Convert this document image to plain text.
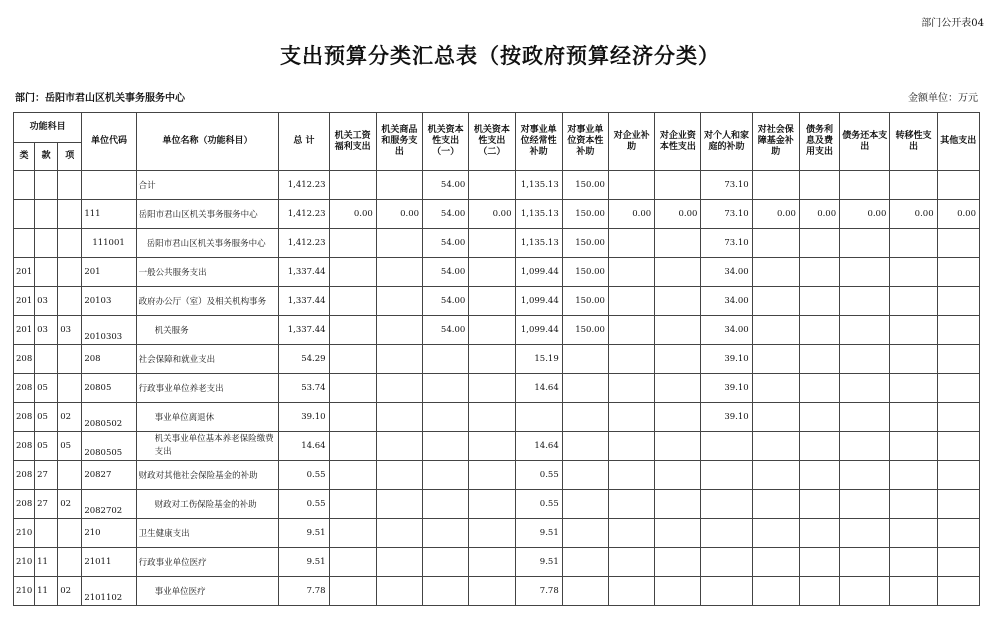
部门公开表04
支出预算分类汇总表（按政府预算经济分类）
部门：岳阳市君山区机关事务服务中心	金额单位：万元
功能科目			单位代码	单位名称（功能科目）	总 计	机关工资福利支出	机关商品和服务支出	机关资本性支出（一）	机关资本性支出（二）	对事业单位经常性补助	对事业单位资本性补助	对企业补助	对企业资本性支出	对个人和家庭的补助	对社会保障基金补助	债务利息及费用支出	债务还本支出	转移性支出	其他支出
类	款	项																	
				合计	1,412.23			54.00		1,135.13	150.00			73.10					
			111	岳阳市君山区机关事务服务中心	1,412.23	0.00	0.00	54.00	0.00	1,135.13	150.00	0.00	0.00	73.10	0.00	0.00	0.00	0.00	0.00
			111001	岳阳市君山区机关事务服务中心	1,412.23			54.00		1,135.13	150.00			73.10					
201			201	一般公共服务支出	1,337.44			54.00		1,099.44	150.00			34.00					
201	03		20103	政府办公厅（室）及相关机构事务	1,337.44			54.00		1,099.44	150.00			34.00					
201	03	03	2010303	机关服务	1,337.44			54.00		1,099.44	150.00			34.00					
208			208	社会保障和就业支出	54.29					15.19				39.10					
208	05		20805	行政事业单位养老支出	53.74					14.64				39.10					
208	05	02	2080502	事业单位离退休	39.10									39.10					
208	05	05	2080505	机关事业单位基本养老保险缴费支出	14.64					14.64									
208	27		20827	财政对其他社会保险基金的补助	0.55					0.55									
208	27	02	2082702	财政对工伤保险基金的补助	0.55					0.55									
210			210	卫生健康支出	9.51					9.51									
210	11		21011	行政事业单位医疗	9.51					9.51									
210	11	02	2101102	事业单位医疗	7.78					7.78									
